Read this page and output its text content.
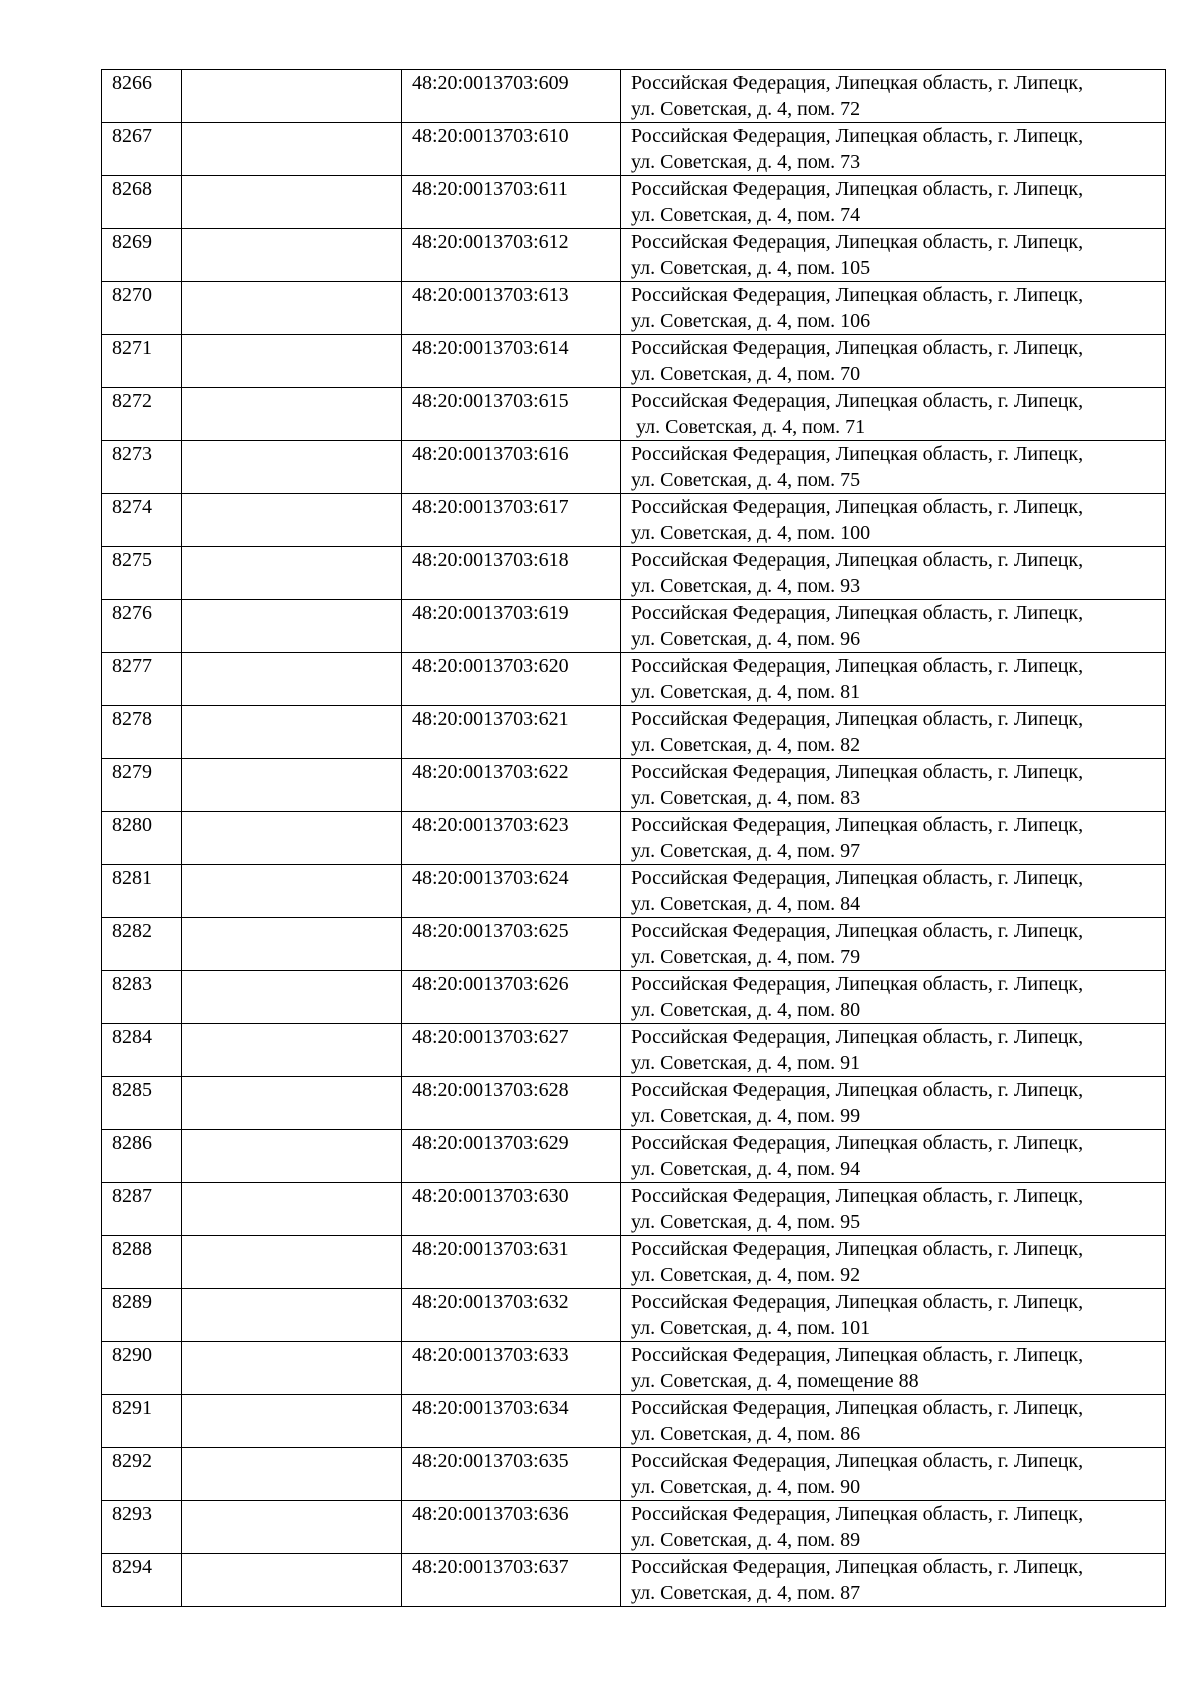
8266		48:20:0013703:609	Российская Федерация, Липецкая область, г. Липецк,
ул. Советская, д. 4, пом. 72

8267		48:20:0013703:610	Российская Федерация, Липецкая область, г. Липецк,
ул. Советская, д. 4, пом. 73

8268		48:20:0013703:611	Российская Федерация, Липецкая область, г. Липецк,
ул. Советская, д. 4, пом. 74

8269		48:20:0013703:612	Российская Федерация, Липецкая область, г. Липецк,
ул. Советская, д. 4, пом. 105

8270		48:20:0013703:613	Российская Федерация, Липецкая область, г. Липецк,
ул. Советская, д. 4, пом. 106

8271		48:20:0013703:614	Российская Федерация, Липецкая область, г. Липецк,
ул. Советская, д. 4, пом. 70

8272		48:20:0013703:615	Российская Федерация, Липецкая область, г. Липецк,
ул. Советская, д. 4, пом. 71

8273		48:20:0013703:616	Российская Федерация, Липецкая область, г. Липецк,
ул. Советская, д. 4, пом. 75

8274		48:20:0013703:617	Российская Федерация, Липецкая область, г. Липецк,
ул. Советская, д. 4, пом. 100

8275		48:20:0013703:618	Российская Федерация, Липецкая область, г. Липецк,
ул. Советская, д. 4, пом. 93

8276		48:20:0013703:619	Российская Федерация, Липецкая область, г. Липецк,
ул. Советская, д. 4, пом. 96

8277		48:20:0013703:620	Российская Федерация, Липецкая область, г. Липецк,
ул. Советская, д. 4, пом. 81

8278		48:20:0013703:621	Российская Федерация, Липецкая область, г. Липецк,
ул. Советская, д. 4, пом. 82

8279		48:20:0013703:622	Российская Федерация, Липецкая область, г. Липецк,
ул. Советская, д. 4, пом. 83

8280		48:20:0013703:623	Российская Федерация, Липецкая область, г. Липецк,
ул. Советская, д. 4, пом. 97

8281		48:20:0013703:624	Российская Федерация, Липецкая область, г. Липецк,
ул. Советская, д. 4, пом. 84

8282		48:20:0013703:625	Российская Федерация, Липецкая область, г. Липецк,
ул. Советская, д. 4, пом. 79

8283		48:20:0013703:626	Российская Федерация, Липецкая область, г. Липецк,
ул. Советская, д. 4, пом. 80

8284		48:20:0013703:627	Российская Федерация, Липецкая область, г. Липецк,
ул. Советская, д. 4, пом. 91

8285		48:20:0013703:628	Российская Федерация, Липецкая область, г. Липецк,
ул. Советская, д. 4, пом. 99

8286		48:20:0013703:629	Российская Федерация, Липецкая область, г. Липецк,
ул. Советская, д. 4, пом. 94

8287		48:20:0013703:630	Российская Федерация, Липецкая область, г. Липецк,
ул. Советская, д. 4, пом. 95

8288		48:20:0013703:631	Российская Федерация, Липецкая область, г. Липецк,
ул. Советская, д. 4, пом. 92

8289		48:20:0013703:632	Российская Федерация, Липецкая область, г. Липецк,
ул. Советская, д. 4, пом. 101

8290		48:20:0013703:633	Российская Федерация, Липецкая область, г. Липецк,
ул. Советская, д. 4, помещение 88

8291		48:20:0013703:634	Российская Федерация, Липецкая область, г. Липецк,
ул. Советская, д. 4, пом. 86

8292		48:20:0013703:635	Российская Федерация, Липецкая область, г. Липецк,
ул. Советская, д. 4, пом. 90

8293		48:20:0013703:636	Российская Федерация, Липецкая область, г. Липецк,
ул. Советская, д. 4, пом. 89

8294		48:20:0013703:637	Российская Федерация, Липецкая область, г. Липецк,
ул. Советская, д. 4, пом. 87
